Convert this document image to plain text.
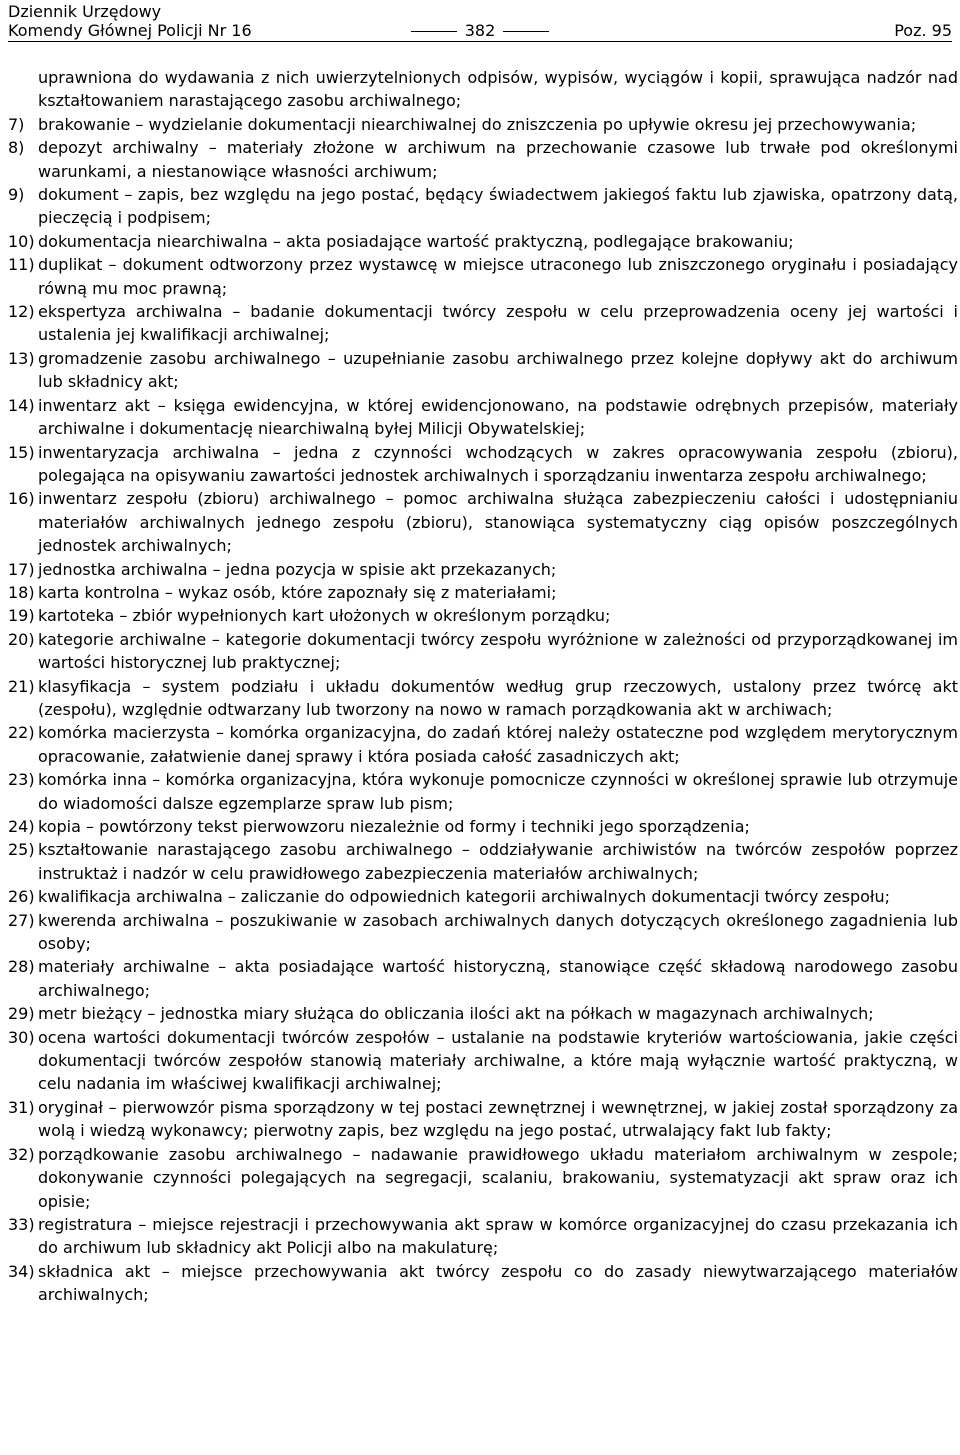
Dziennik Urzędowy
Komendy Głównej Policji Nr 16	382	Poz. 95
uprawniona do wydawania z nich uwierzytelnionych odpisów, wypisów, wyciągów i kopii, sprawująca nadzór nad kształtowaniem narastającego zasobu archiwalnego;
7) brakowanie – wydzielanie dokumentacji niearchiwalnej do zniszczenia po upływie okresu jej przechowywania;
8) depozyt archiwalny – materiały złożone w archiwum na przechowanie czasowe lub trwałe pod określonymi warunkami, a niestanowiące własności archiwum;
9) dokument – zapis, bez względu na jego postać, będący świadectwem jakiegoś faktu lub zjawiska, opatrzony datą, pieczęcią i podpisem;
10) dokumentacja niearchiwalna – akta posiadające wartość praktyczną, podlegające brakowaniu;
11) duplikat – dokument odtworzony przez wystawcę w miejsce utraconego lub zniszczonego oryginału i posiadający równą mu moc prawną;
12) ekspertyza archiwalna – badanie dokumentacji twórcy zespołu w celu przeprowadzenia oceny jej wartości i ustalenia jej kwalifikacji archiwalnej;
13) gromadzenie zasobu archiwalnego – uzupełnianie zasobu archiwalnego przez kolejne dopływy akt do archiwum lub składnicy akt;
14) inwentarz akt – księga ewidencyjna, w której ewidencjonowano, na podstawie odrębnych przepisów, materiały archiwalne i dokumentację niearchiwalną byłej Milicji Obywatelskiej;
15) inwentaryzacja archiwalna – jedna z czynności wchodzących w zakres opracowywania zespołu (zbioru), polegająca na opisywaniu zawartości jednostek archiwalnych i sporządzaniu inwentarza zespołu archiwalnego;
16) inwentarz zespołu (zbioru) archiwalnego – pomoc archiwalna służąca zabezpieczeniu całości i udostępnianiu materiałów archiwalnych jednego zespołu (zbioru), stanowiąca systematyczny ciąg opisów poszczególnych jednostek archiwalnych;
17) jednostka archiwalna – jedna pozycja w spisie akt przekazanych;
18) karta kontrolna – wykaz osób, które zapoznały się z materiałami;
19) kartoteka – zbiór wypełnionych kart ułożonych w określonym porządku;
20) kategorie archiwalne – kategorie dokumentacji twórcy zespołu wyróżnione w zależności od przyporządkowanej im wartości historycznej lub praktycznej;
21) klasyfikacja – system podziału i układu dokumentów według grup rzeczowych, ustalony przez twórcę akt (zespołu), względnie odtwarzany lub tworzony na nowo w ramach porządkowania akt w archiwach;
22) komórka macierzysta – komórka organizacyjna, do zadań której należy ostateczne pod względem merytorycznym opracowanie, załatwienie danej sprawy i która posiada całość zasadniczych akt;
23) komórka inna – komórka organizacyjna, która wykonuje pomocnicze czynności w określonej sprawie lub otrzymuje do wiadomości dalsze egzemplarze spraw lub pism;
24) kopia – powtórzony tekst pierwowzoru niezależnie od formy i techniki jego sporządzenia;
25) kształtowanie narastającego zasobu archiwalnego – oddziaływanie archiwistów na twórców zespołów poprzez instruktaż i nadzór w celu prawidłowego zabezpieczenia materiałów archiwalnych;
26) kwalifikacja archiwalna – zaliczanie do odpowiednich kategorii archiwalnych dokumentacji twórcy zespołu;
27) kwerenda archiwalna – poszukiwanie w zasobach archiwalnych danych dotyczących określonego zagadnienia lub osoby;
28) materiały archiwalne – akta posiadające wartość historyczną, stanowiące część składową narodowego zasobu archiwalnego;
29) metr bieżący – jednostka miary służąca do obliczania ilości akt na półkach w magazynach archiwalnych;
30) ocena wartości dokumentacji twórców zespołów – ustalanie na podstawie kryteriów wartościowania, jakie części dokumentacji twórców zespołów stanowią materiały archiwalne, a które mają wyłącznie wartość praktyczną, w celu nadania im właściwej kwalifikacji archiwalnej;
31) oryginał – pierwowzór pisma sporządzony w tej postaci zewnętrznej i wewnętrznej, w jakiej został sporządzony za wolą i wiedzą wykonawcy; pierwotny zapis, bez względu na jego postać, utrwalający fakt lub fakty;
32) porządkowanie zasobu archiwalnego – nadawanie prawidłowego układu materiałom archiwalnym w zespole; dokonywanie czynności polegających na segregacji, scalaniu, brakowaniu, systematyzacji akt spraw oraz ich opisie;
33) registratura – miejsce rejestracji i przechowywania akt spraw w komórce organizacyjnej do czasu przekazania ich do archiwum lub składnicy akt Policji albo na makulaturę;
34) składnica akt – miejsce przechowywania akt twórcy zespołu co do zasady niewytwarzającego materiałów archiwalnych;
